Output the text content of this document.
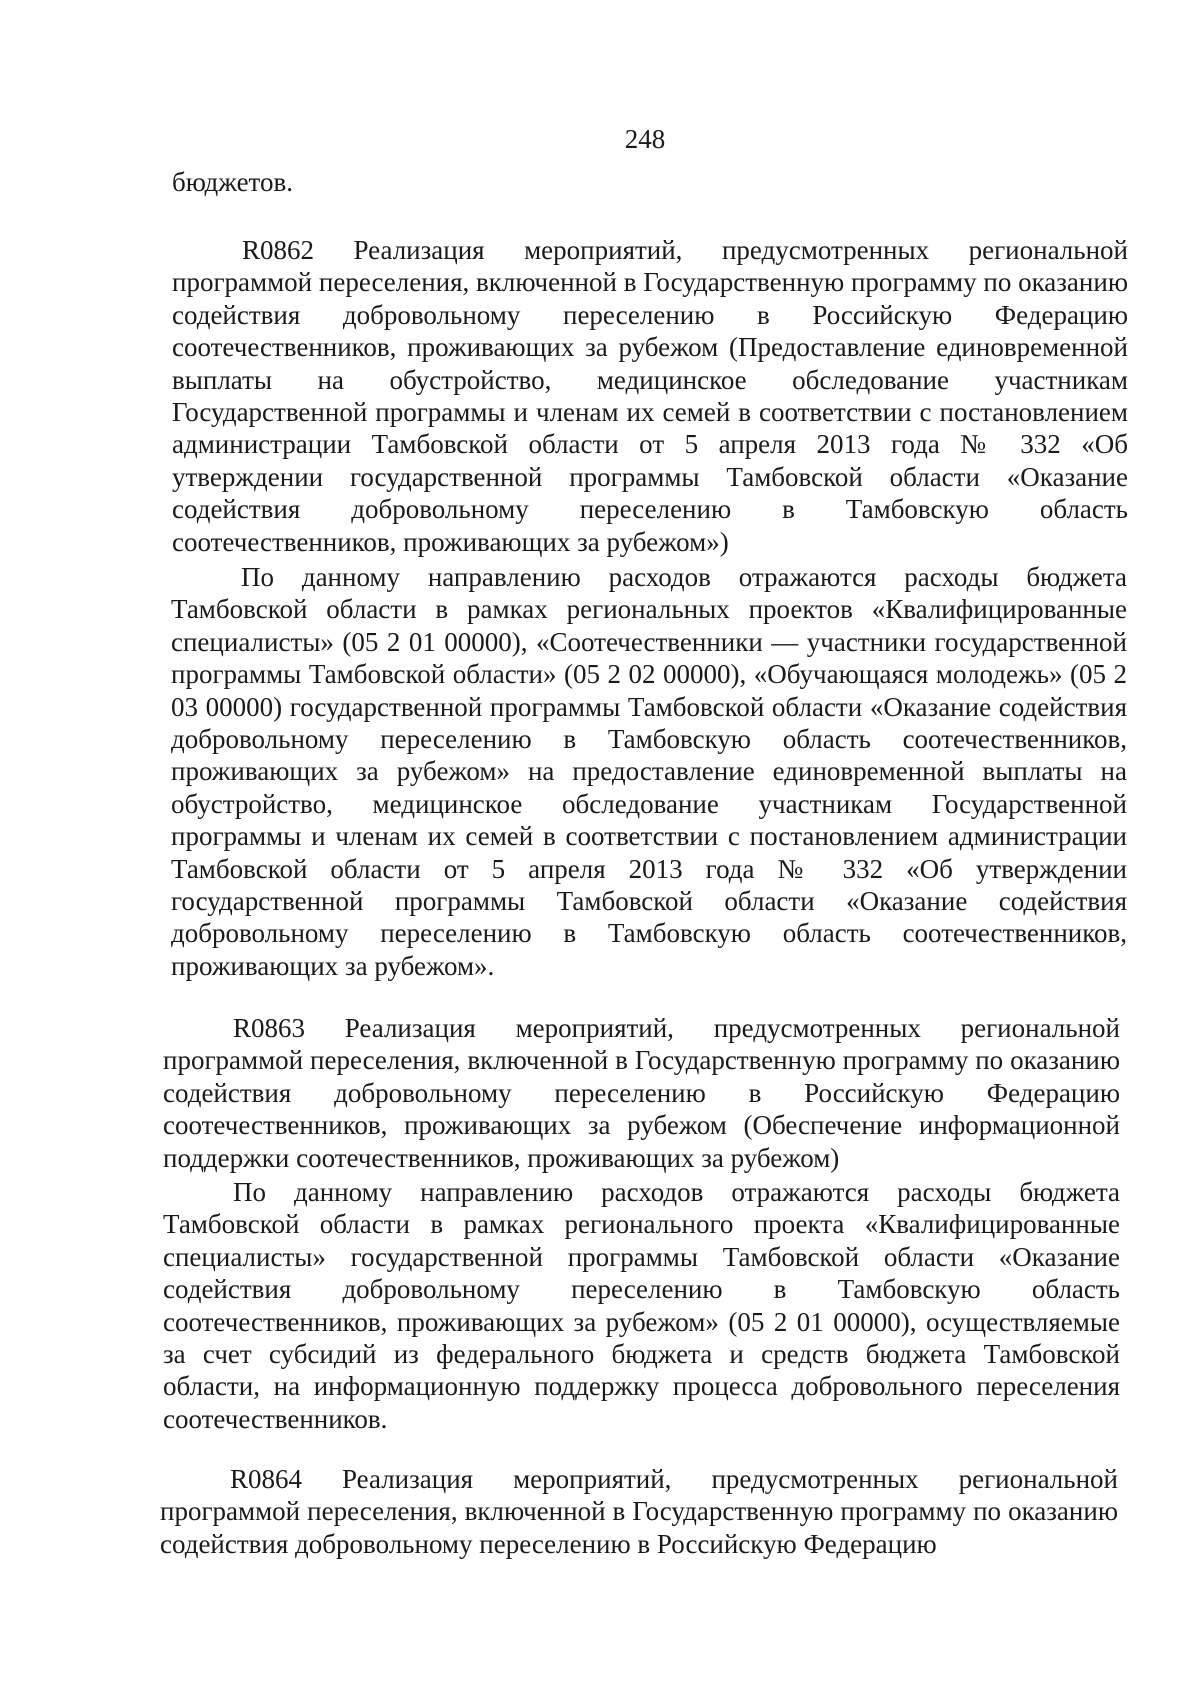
248

бюджетов.

R0862 Реализация мероприятий, предусмотренных региональной программой переселения, включенной в Государственную программу по оказанию содействия добровольному переселению в Российскую Федерацию соотечественников, проживающих за рубежом (Предоставление единовременной выплаты на обустройство, медицинское обследование участникам Государственной программы и членам их семей в соответствии с постановлением администрации Тамбовской области от 5 апреля 2013 года № 332 «Об утверждении государственной программы Тамбовской области «Оказание содействия добровольному переселению в Тамбовскую область соотечественников, проживающих за рубежом»)

По данному направлению расходов отражаются расходы бюджета Тамбовской области в рамках региональных проектов «Квалифицированные специалисты» (05 2 01 00000), «Соотечественники — участники государственной программы Тамбовской области» (05 2 02 00000), «Обучающаяся молодежь» (05 2 03 00000) государственной программы Тамбовской области «Оказание содействия добровольному переселению в Тамбовскую область соотечественников, проживающих за рубежом» на предоставление единовременной выплаты на обустройство, медицинское обследование участникам Государственной программы и членам их семей в соответствии с постановлением администрации Тамбовской области от 5 апреля 2013 года № 332 «Об утверждении государственной программы Тамбовской области «Оказание содействия добровольному переселению в Тамбовскую область соотечественников, проживающих за рубежом».

R0863 Реализация мероприятий, предусмотренных региональной программой переселения, включенной в Государственную программу по оказанию содействия добровольному переселению в Российскую Федерацию соотечественников, проживающих за рубежом (Обеспечение информационной поддержки соотечественников, проживающих за рубежом)

По данному направлению расходов отражаются расходы бюджета Тамбовской области в рамках регионального проекта «Квалифицированные специалисты» государственной программы Тамбовской области «Оказание содействия добровольному переселению в Тамбовскую область соотечественников, проживающих за рубежом» (05 2 01 00000), осуществляемые за счет субсидий из федерального бюджета и средств бюджета Тамбовской области, на информационную поддержку процесса добровольного переселения соотечественников.

R0864 Реализация мероприятий, предусмотренных региональной программой переселения, включенной в Государственную программу по оказанию содействия добровольному переселению в Российскую Федерацию
